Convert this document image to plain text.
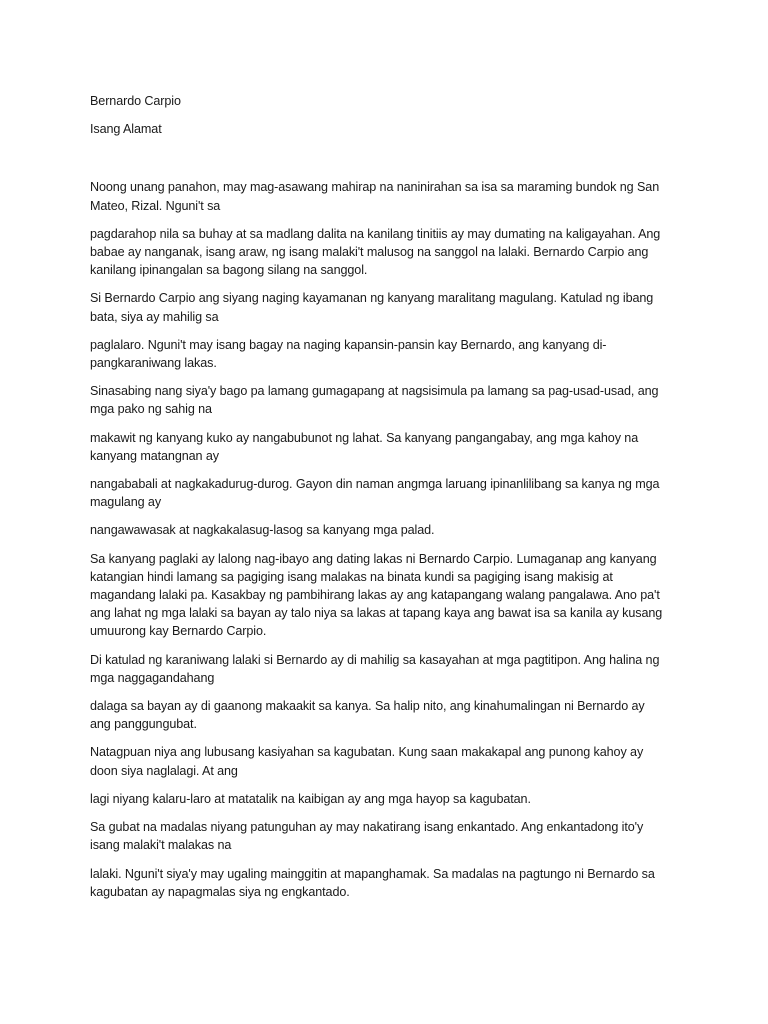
Bernardo Carpio
Isang Alamat
Noong unang panahon, may mag-asawang mahirap na naninirahan sa isa sa maraming bundok ng San Mateo, Rizal. Nguni't sa
pagdarahop nila sa buhay at sa madlang dalita na kanilang tinitiis ay may dumating na kaligayahan. Ang babae ay nanganak, isang araw, ng isang malaki't malusog na sanggol na lalaki. Bernardo Carpio ang kanilang ipinangalan sa bagong silang na sanggol.
Si Bernardo Carpio ang siyang naging kayamanan ng kanyang maralitang magulang. Katulad ng ibang bata, siya ay mahilig sa
paglalaro. Nguni't may isang bagay na naging kapansin-pansin kay Bernardo, ang kanyang di-pangkaraniwang lakas.
Sinasabing nang siya'y bago pa lamang gumagapang at nagsisimula pa lamang sa pag-usad-usad, ang mga pako ng sahig na
makawit ng kanyang kuko ay nangabubunot ng lahat. Sa kanyang pangangabay, ang mga kahoy na kanyang matangnan ay
nangababali at nagkakadurug-durog. Gayon din naman angmga laruang ipinanlilibang sa kanya ng mga magulang ay
nangawawasak at nagkakalasug-lasog sa kanyang mga palad.
Sa kanyang paglaki ay lalong nag-ibayo ang dating lakas ni Bernardo Carpio. Lumaganap ang kanyang katangian hindi lamang sa pagiging isang malakas na binata kundi sa pagiging isang makisig at magandang lalaki pa. Kasakbay ng pambihirang lakas ay ang katapangang walang pangalawa. Ano pa't ang lahat ng mga lalaki sa bayan ay talo niya sa lakas at tapang kaya ang bawat isa sa kanila ay kusang umuurong kay Bernardo Carpio.
Di katulad ng karaniwang lalaki si Bernardo ay di mahilig sa kasayahan at mga pagtitipon. Ang halina ng mga naggagandahang
dalaga sa bayan ay di gaanong makaakit sa kanya. Sa halip nito, ang kinahumalingan ni Bernardo ay ang panggungubat.
Natagpuan niya ang lubusang kasiyahan sa kagubatan. Kung saan makakapal ang punong kahoy ay doon siya naglalagi. At ang
lagi niyang kalaru-laro at matatalik na kaibigan ay ang mga hayop sa kagubatan.
Sa gubat na madalas niyang patunguhan ay may nakatirang isang enkantado. Ang enkantadong ito'y isang malaki't malakas na
lalaki. Nguni't siya'y may ugaling mainggitin at mapanghamak. Sa madalas na pagtungo ni Bernardo sa kagubatan ay napagmalas siya ng engkantado.
